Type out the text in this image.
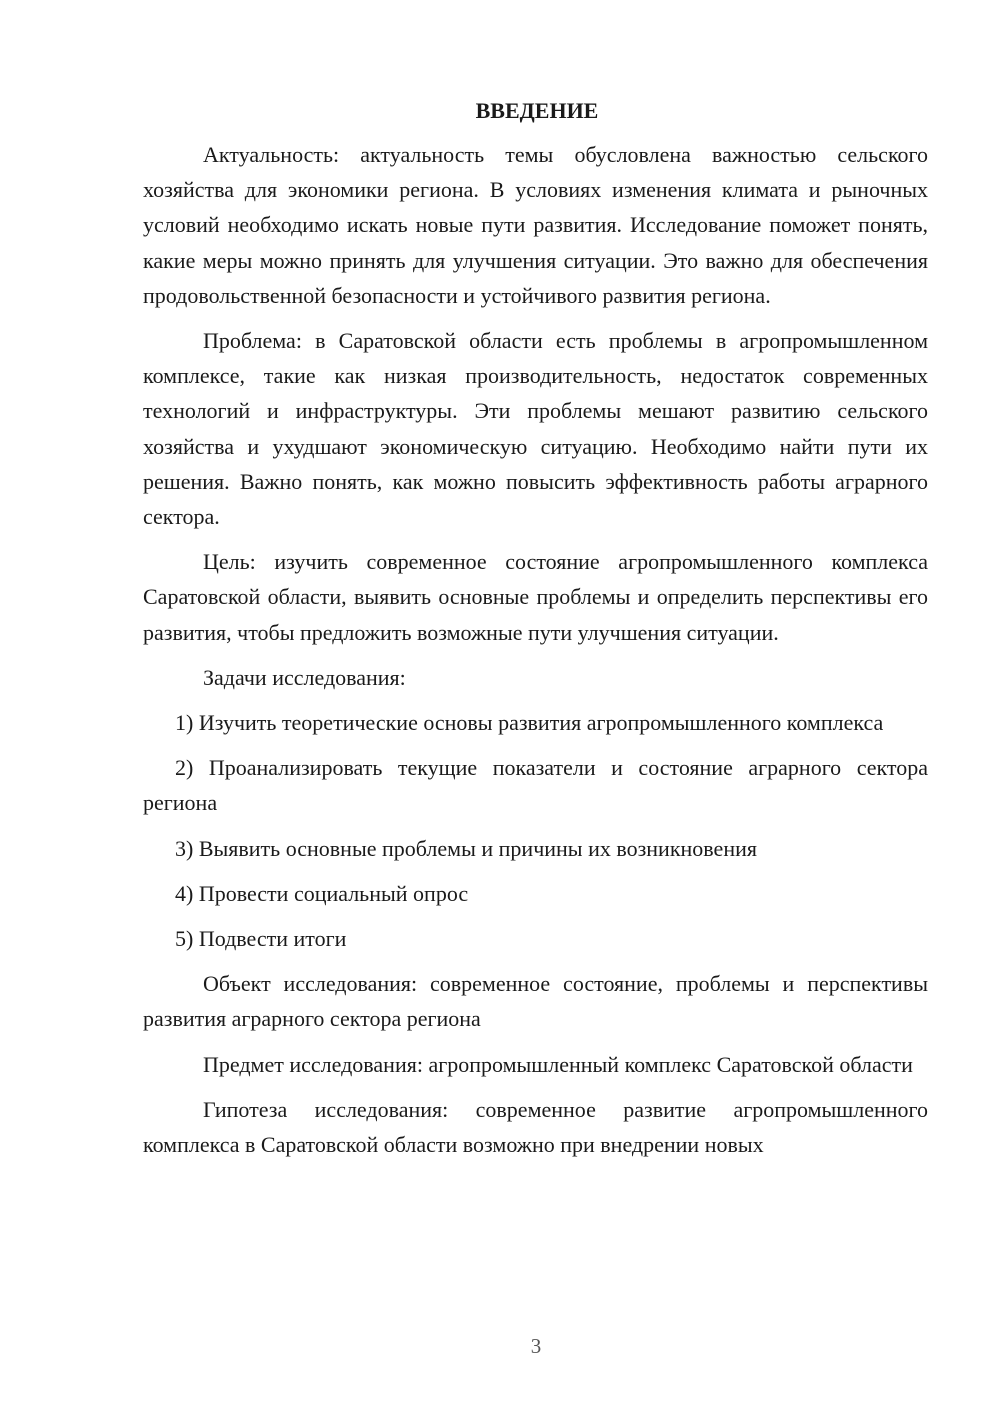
ВВЕДЕНИЕ

Актуальность: актуальность темы обусловлена важностью сельского хозяйства для экономики региона. В условиях изменения климата и рыночных условий необходимо искать новые пути развития. Исследование поможет понять, какие меры можно принять для улучшения ситуации. Это важно для обеспечения продовольственной безопасности и устойчивого развития региона.

Проблема: в Саратовской области есть проблемы в агропромышленном комплексе, такие как низкая производительность, недостаток современных технологий и инфраструктуры. Эти проблемы мешают развитию сельского хозяйства и ухудшают экономическую ситуацию. Необходимо найти пути их решения. Важно понять, как можно повысить эффективность работы аграрного сектора.

Цель: изучить современное состояние агропромышленного комплекса Саратовской области, выявить основные проблемы и определить перспективы его развития, чтобы предложить возможные пути улучшения ситуации.

Задачи исследования:

1) Изучить теоретические основы развития агропромышленного комплекса

2) Проанализировать текущие показатели и состояние аграрного сектора региона

3) Выявить основные проблемы и причины их возникновения

4) Провести социальный опрос

5) Подвести итоги

Объект исследования: современное состояние, проблемы и перспективы развития аграрного сектора региона

Предмет исследования: агропромышленный комплекс Саратовской области

Гипотеза исследования: современное развитие агропромышленного комплекса в Саратовской области возможно при внедрении новых

3
